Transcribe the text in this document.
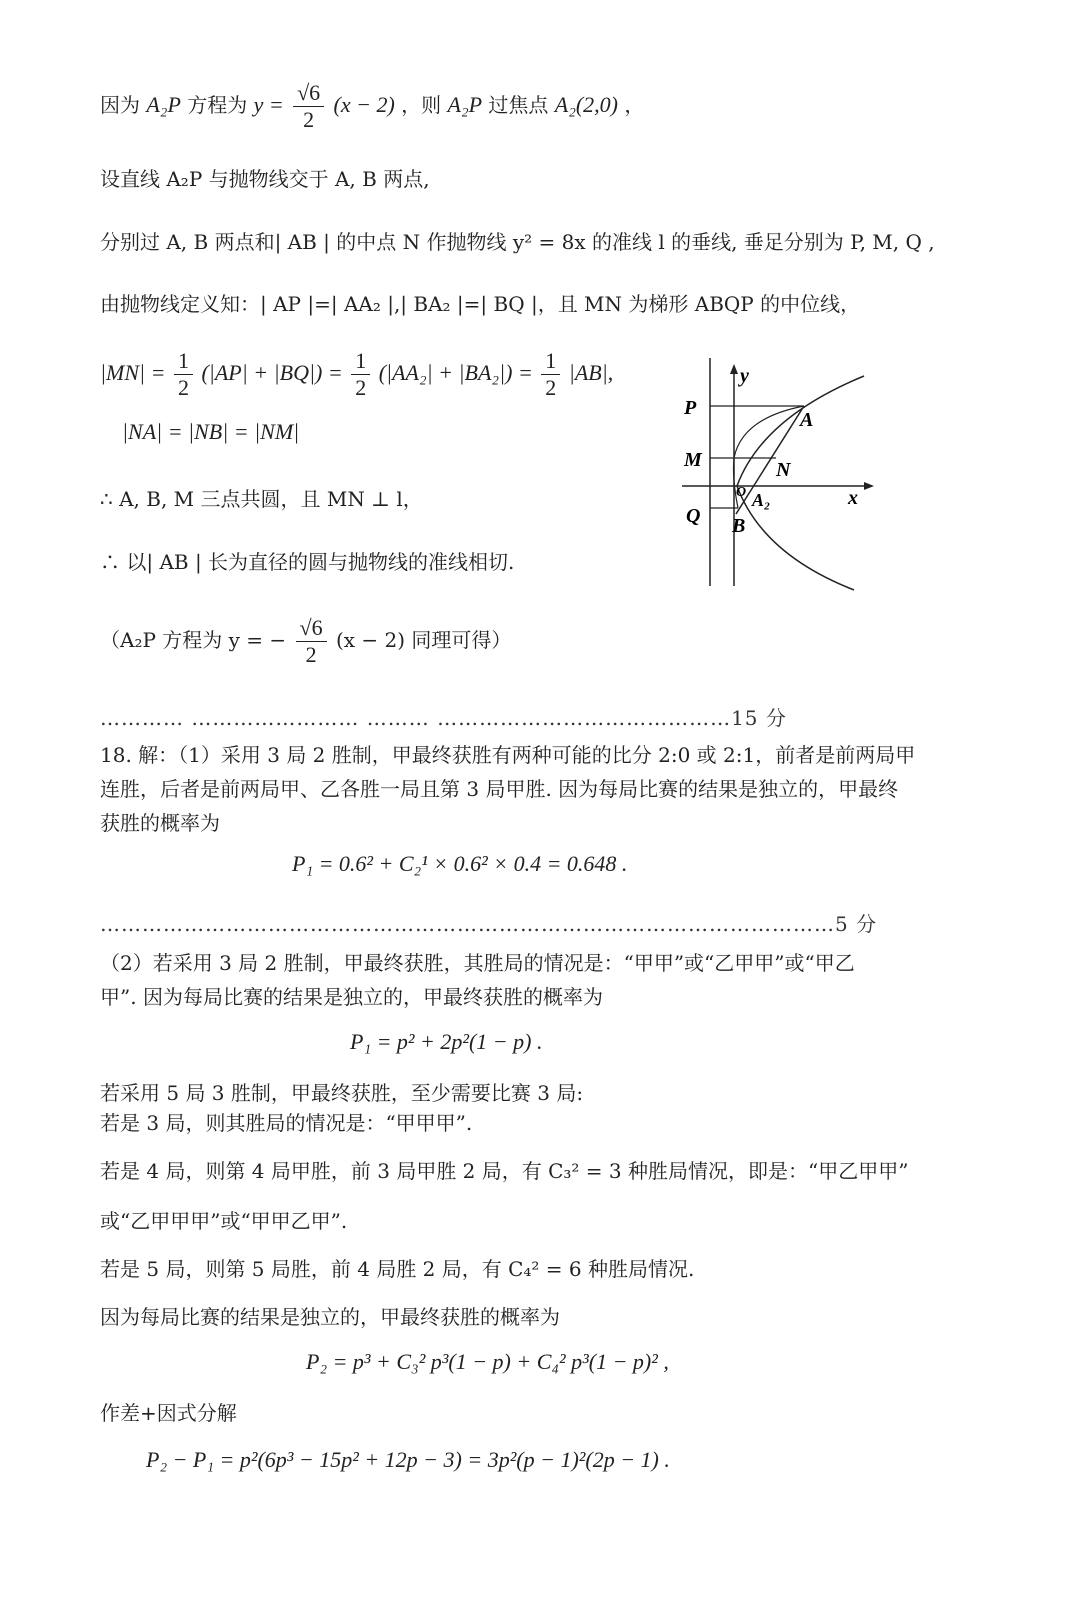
因为 A₂P 方程为 $y = \frac{√6}{2} (x - 2)$ ，则 A₂P 过焦点 A₂(2,0) ，
设直线 A₂P 与抛物线交于 A, B 两点,
分别过 A, B 两点和| AB | 的中点 N 作抛物线 y² = 8x 的准线 l 的垂线, 垂足分别为 P, M, Q ,
由抛物线定义知：| AP |=| AA₂ |,| BA₂ |=| BQ |，且 MN 为梯形 ABQP 的中位线，
$|MN| = \frac{1}{2} (|AP| + |BQ|) = \frac{1}{2} (|AA_2| + |BA_2|) = \frac{1}{2} |AB|$,
|NA| = |NB| = |NM|
∴ A, B, M 三点共圆，且 MN ⊥ l，
∴ 以| AB | 长为直径的圆与抛物线的准线相切.
（A₂P 方程为 y = − $\frac{√6}{2} (x - 2)$ 同理可得）
………… …………………… ……… ……………………………………15 分
18. 解：（1）采用 3 局 2 胜制，甲最终获胜有两种可能的比分 2:0 或 2:1，前者是前两局甲
连胜，后者是前两局甲、乙各胜一局且第 3 局甲胜. 因为每局比赛的结果是独立的，甲最终
获胜的概率为
P₁ = 0.6² + C₂¹ × 0.6² × 0.4 = 0.648 .
……………………………………………………………………………………………5 分
（2）若采用 3 局 2 胜制，甲最终获胜，其胜局的情况是：“甲甲”或“乙甲甲”或“甲乙
甲”. 因为每局比赛的结果是独立的，甲最终获胜的概率为
P₁ = p² + 2p²(1 − p) .
若采用 5 局 3 胜制，甲最终获胜，至少需要比赛 3 局:
若是 3 局，则其胜局的情况是：“甲甲甲”.
若是 4 局，则第 4 局甲胜，前 3 局甲胜 2 局，有 C₃² = 3 种胜局情况，即是：“甲乙甲甲”
或“乙甲甲甲”或“甲甲乙甲”.
若是 5 局，则第 5 局胜，前 4 局胜 2 局，有 C₄² = 6 种胜局情况.
因为每局比赛的结果是独立的，甲最终获胜的概率为
P₂ = p³ + C₃² p³(1 − p) + C₄² p³(1 − p)² ,
作差+因式分解
P₂ − P₁ = p²(6p³ − 15p² + 12p − 3) = 3p²(p − 1)²(2p − 1) .
y
x
P
M
Q
A
N
O A₂
B
